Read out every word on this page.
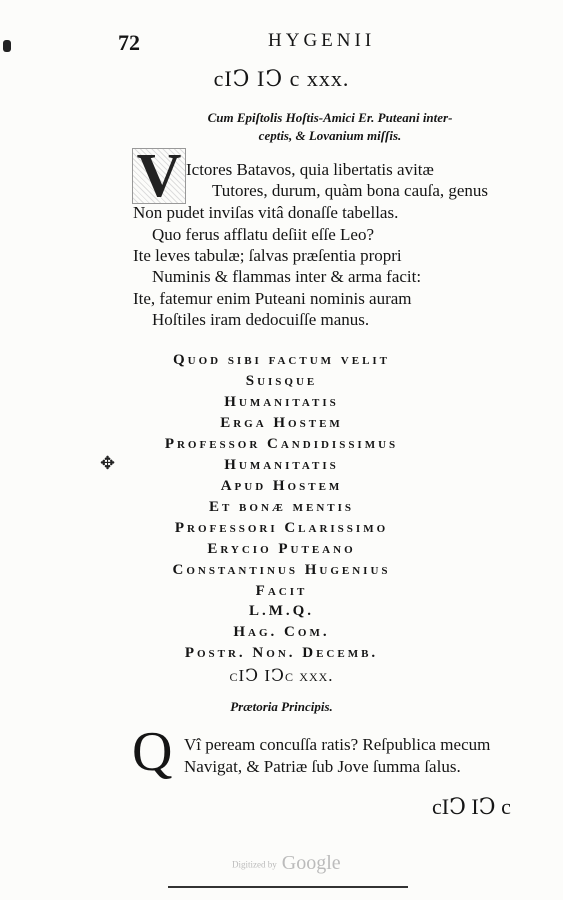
72	HYGENII
cIↃ IↃ c xxx.
Cum Epiſtolis Hoſtis-Amici Er. Puteani inter-
ceptis, & Lovanium miſſis.
V Ictores Batavos, quia libertatis avitæ
Tutores, durum, quàm bona cauſa, genus
Non pudet inviſas vitâ donaſſe tabellas.
Quo ferus afflatu deſiit eſſe Leo?
Ite leves tabulæ; ſalvas præſentia propri
Numinis & flammas inter & arma facit:
Ite, fatemur enim Puteani nominis auram
Hoſtiles iram dedocuiſſe manus.
✥
Quod sibi factum velit
Suisque
Humanitatis
Erga Hostem
Professor Candidissimus
Humanitatis
Apud Hostem
Et bonæ mentis
Professori Clarissimo
Erycio Puteano
Constantinus Hugenius
Facit
L.M.Q.
Hag. Com.
Postr. Non. Decemb.
cIↃ IↃc xxx.
Prætoria Principis.
Q Vî peream concuſſa ratis? Reſpublica mecum
Navigat, & Patriæ ſub Jove ſumma ſalus.
cIↃ IↃ c
Digitized by Google
